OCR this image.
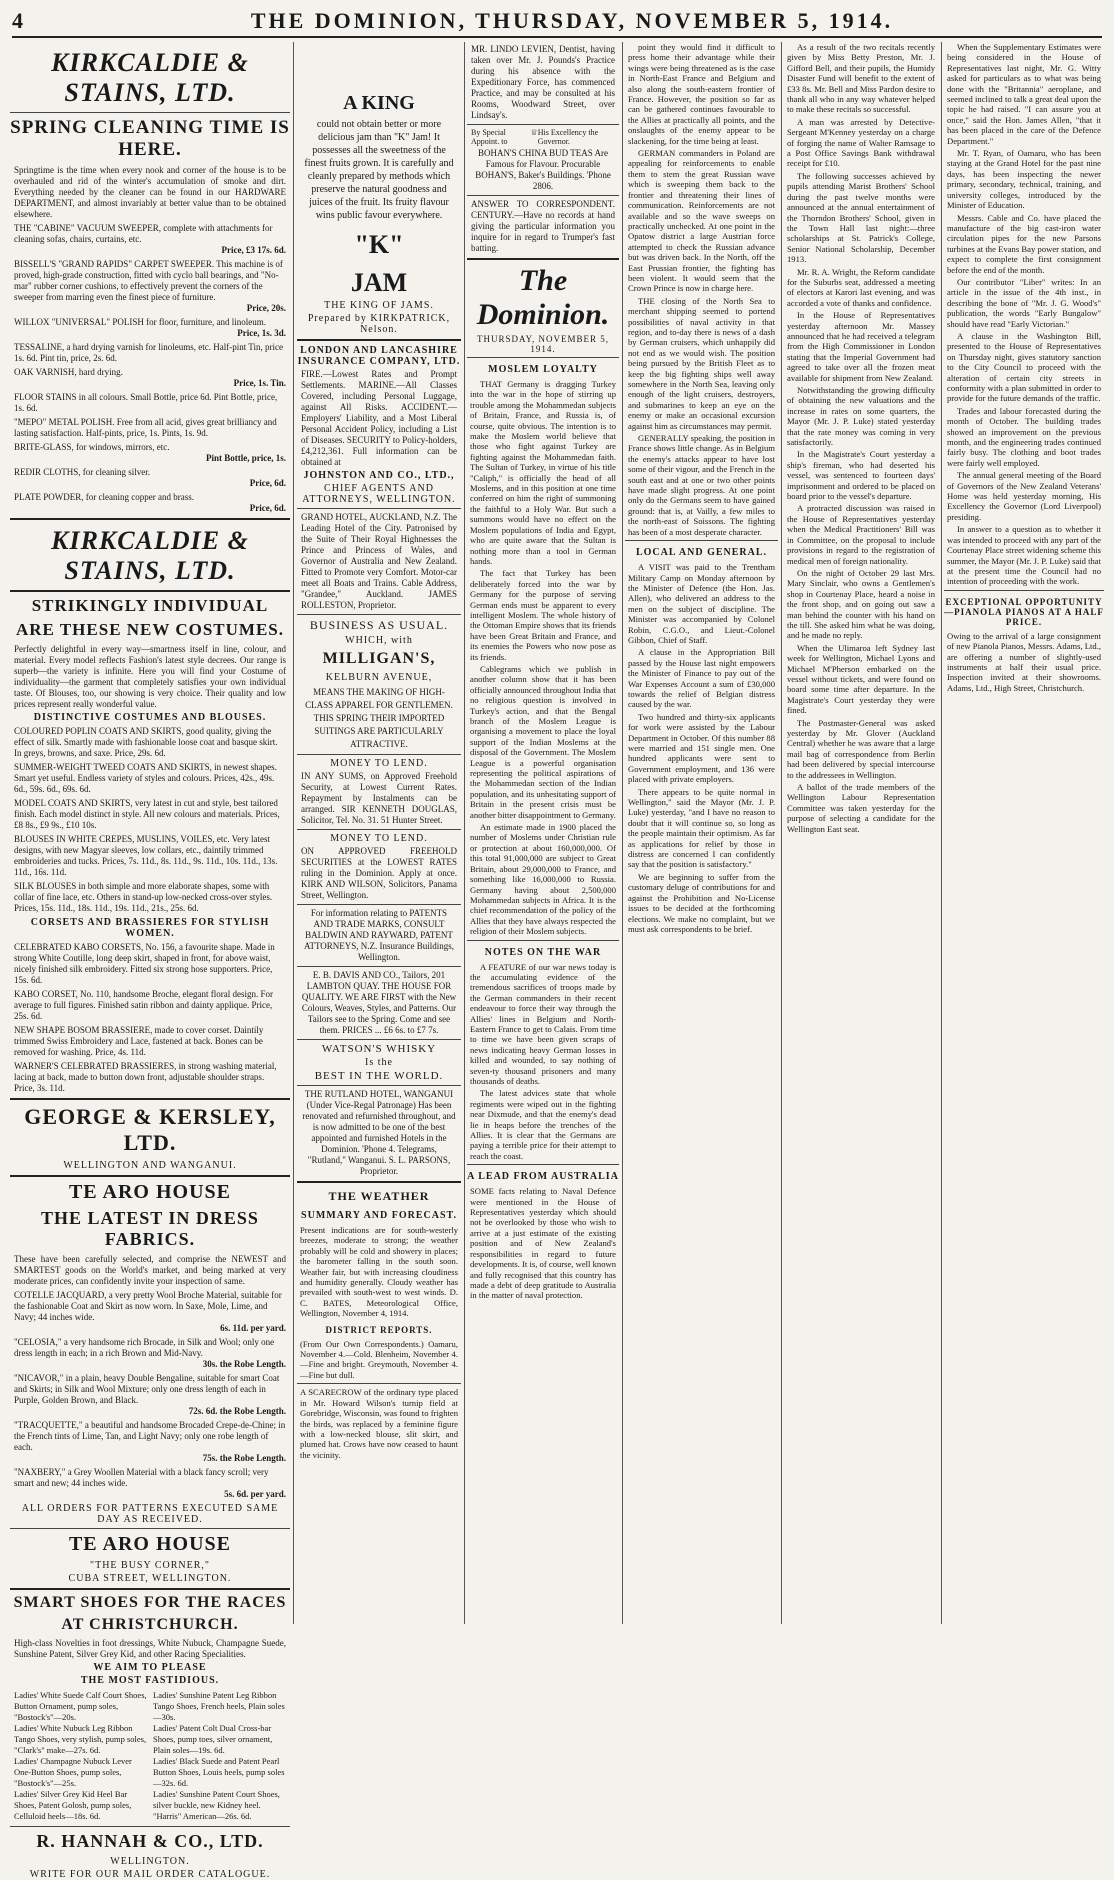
4	THE DOMINION, THURSDAY, NOVEMBER 5, 1914.
KIRKCALDIE & STAINS, LTD.
SPRING CLEANING TIME IS HERE.
Springtime is the time when every nook and corner of the house is to be overhauled and rid of the winter's accumulation of smoke and dirt. Everything needed by the cleaner can be found in our HARDWARE DEPARTMENT, and almost invariably at better value than to be obtained elsewhere.
THE "CABINE" VACUUM SWEEPER, complete with attachments for cleaning sofas, chairs, curtains, etc.
Price, £3 17s. 6d.
BISSELL'S "GRAND RAPIDS" CARPET SWEEPER. This machine is of proved, high-grade construction, fitted with cyclo ball bearings, and "No-mar" rubber corner cushions, to effectively prevent the corners of the sweeper from marring even the finest piece of furniture.
Price, 20s.
WILLOX "UNIVERSAL" POLISH for floor, furniture, and linoleum.
Price, 1s. 3d.
TESSALINE, a hard drying varnish for linoleums, etc. Half-pint Tin, price 1s. 6d. Pint tin, price, 2s. 6d.
OAK VARNISH, hard drying.
Price, 1s. Tin.
FLOOR STAINS in all colours. Small Bottle, price 6d. Pint Bottle, price, 1s. 6d.
"MEPO" METAL POLISH. Free from all acid, gives great brilliancy and lasting satisfaction. Half-pints, price, 1s. Pints, 1s. 9d.
BRITE-GLASS, for windows, mirrors, etc.
Pint Bottle, price, 1s.
REDIR CLOTHS, for cleaning silver.
Price, 6d.
PLATE POWDER, for cleaning copper and brass.
Price, 6d.
KIRKCALDIE & STAINS, LTD.
STRIKINGLY INDIVIDUAL
ARE THESE NEW COSTUMES.
Perfectly delightful in every way—smartness itself in line, colour, and material. Every model reflects Fashion's latest style decrees. Our range is superb—the variety is infinite. Here you will find your Costume of individuality—the garment that completely satisfies your own individual taste. Of Blouses, too, our showing is very choice. Their quality and low prices represent really wonderful value.
DISTINCTIVE COSTUMES AND BLOUSES.
COLOURED POPLIN COATS AND SKIRTS, good quality, giving the effect of silk. Smartly made with fashionable loose coat and basque skirt. In greys, browns, and saxe. Price, 29s. 6d.
SUMMER-WEIGHT TWEED COATS AND SKIRTS, in newest shapes. Smart yet useful. Endless variety of styles and colours. Prices, 42s., 49s. 6d., 59s. 6d., 69s. 6d.
MODEL COATS AND SKIRTS, very latest in cut and style, best tailored finish. Each model distinct in style. All new colours and materials. Prices, £8 8s., £9 9s., £10 10s.
BLOUSES IN WHITE CREPES, MUSLINS, VOILES, etc. Very latest designs, with new Magyar sleeves, low collars, etc., daintily trimmed embroideries and tucks. Prices, 7s. 11d., 8s. 11d., 9s. 11d., 10s. 11d., 13s. 11d., 16s. 11d.
SILK BLOUSES in both simple and more elaborate shapes, some with collar of fine lace, etc. Others in stand-up low-necked cross-over styles. Prices, 15s. 11d., 18s. 11d., 19s. 11d., 21s., 25s. 6d.
CORSETS AND BRASSIERES FOR STYLISH WOMEN.
CELEBRATED KABO CORSETS, No. 156, a favourite shape. Made in strong White Coutille, long deep skirt, shaped in front, for above waist, nicely finished silk embroidery. Fitted six strong hose supporters. Price, 15s. 6d.
KABO CORSET, No. 110, handsome Broche, elegant floral design. For average to full figures. Finished satin ribbon and dainty applique. Price, 25s. 6d.
NEW SHAPE BOSOM BRASSIERE, made to cover corset. Daintily trimmed Swiss Embroidery and Lace, fastened at back. Bones can be removed for washing. Price, 4s. 11d.
WARNER'S CELEBRATED BRASSIERES, in strong washing material, lacing at back, made to button down front, adjustable shoulder straps. Price, 3s. 11d.
GEORGE & KERSLEY, LTD.
WELLINGTON AND WANGANUI.
TE ARO HOUSE
THE LATEST IN DRESS FABRICS.
These have been carefully selected, and comprise the NEWEST and SMARTEST goods on the World's market, and being marked at very moderate prices, can confidently invite your inspection of same.
COTELLE JACQUARD, a very pretty Wool Broche Material, suitable for the fashionable Coat and Skirt as now worn. In Saxe, Mole, Lime, and Navy; 44 inches wide.
6s. 11d. per yard.
"CELOSIA," a very handsome rich Brocade, in Silk and Wool; only one dress length in each; in a rich Brown and Mid-Navy.
30s. the Robe Length.
"NICAVOR," in a plain, heavy Double Bengaline, suitable for smart Coat and Skirts; in Silk and Wool Mixture; only one dress length of each in Purple, Golden Brown, and Black.
72s. 6d. the Robe Length.
"TRACQUETTE," a beautiful and handsome Brocaded Crepe-de-Chine; in the French tints of Lime, Tan, and Light Navy; only one robe length of each.
75s. the Robe Length.
"NAXBERY," a Grey Woollen Material with a black fancy scroll; very smart and new; 44 inches wide.
5s. 6d. per yard.
ALL ORDERS FOR PATTERNS EXECUTED SAME DAY AS RECEIVED.
TE ARO HOUSE
"THE BUSY CORNER,"
CUBA STREET, WELLINGTON.
SMART SHOES FOR THE RACES
AT CHRISTCHURCH.
High-class Novelties in foot dressings, White Nubuck, Champagne Suede, Sunshine Patent, Silver Grey Kid, and other Racing Specialities.
WE AIM TO PLEASE
THE MOST FASTIDIOUS.
Ladies' White Suede Calf Court Shoes, Button Ornament, pump soles, "Bostock's"—20s.
Ladies' White Nubuck Leg Ribbon Tango Shoes, very stylish, pump soles, "Clark's" make—27s. 6d.
Ladies' Champagne Nubuck Lever One-Button Shoes, pump soles, "Bostock's"—25s.
Ladies' Silver Grey Kid Heel Bar Shoes, Patent Golosh, pump soles, Celluloid heels—18s. 6d.
Ladies' Sunshine Patent Leg Ribbon Tango Shoes, French heels, Plain soles—30s.
Ladies' Patent Colt Dual Cross-bar Shoes, pump toes, silver ornament, Plain soles—19s. 6d.
Ladies' Black Suede and Patent Pearl Button Shoes, Louis heels, pump soles—32s. 6d.
Ladies' Sunshine Patent Court Shoes, silver buckle, new Kidney heel. "Harris" American—26s. 6d.
R. HANNAH & CO., LTD.
WELLINGTON.
WRITE FOR OUR MAIL ORDER CATALOGUE.
A KING
could not obtain better or more delicious jam than "K" Jam! It possesses all the sweetness of the finest fruits grown. It is carefully and cleanly prepared by methods which preserve the natural goodness and juices of the fruit. Its fruity flavour wins public favour everywhere.
"K"
JAM
THE KING OF JAMS.
Prepared by KIRKPATRICK, Nelson.
LONDON AND LANCASHIRE INSURANCE COMPANY, LTD.
FIRE.—Lowest Rates and Prompt Settlements. MARINE.—All Classes Covered, including Personal Luggage, against All Risks. ACCIDENT.—Employers' Liability, and a Most Liberal Personal Accident Policy, including a List of Diseases. SECURITY to Policy-holders, £4,212,361. Full information can be obtained at
JOHNSTON AND CO., LTD.,
CHIEF AGENTS AND ATTORNEYS, WELLINGTON.
GRAND HOTEL, AUCKLAND, N.Z. The Leading Hotel of the City. Patronised by the Suite of Their Royal Highnesses the Prince and Princess of Wales, and Governor of Australia and New Zealand. Fitted to Promote very Comfort. Motor-car meet all Boats and Trains. Cable Address, "Grandee," Auckland. JAMES ROLLESTON, Proprietor.
BUSINESS AS USUAL.
WHICH, with
MILLIGAN'S,
KELBURN AVENUE,
MEANS THE MAKING OF HIGH-CLASS APPAREL FOR GENTLEMEN. THIS SPRING THEIR IMPORTED SUITINGS ARE PARTICULARLY ATTRACTIVE.
MONEY TO LEND.
IN ANY SUMS, on Approved Freehold Security, at Lowest Current Rates. Repayment by Instalments can be arranged. SIR KENNETH DOUGLAS, Solicitor, Tel. No. 31. 51 Hunter Street.
MONEY TO LEND.
ON APPROVED FREEHOLD SECURITIES at the LOWEST RATES ruling in the Dominion. Apply at once. KIRK AND WILSON, Solicitors, Panama Street, Wellington.
For information relating to PATENTS AND TRADE MARKS, CONSULT BALDWIN AND RAYWARD, PATENT ATTORNEYS, N.Z. Insurance Buildings, Wellington.
E. B. DAVIS AND CO., Tailors, 201 LAMBTON QUAY. THE HOUSE FOR QUALITY. WE ARE FIRST with the New Colours, Weaves, Styles, and Patterns. Our Tailors see to the Spring. Come and see them. PRICES ... £6 6s. to £7 7s.
WATSON'S WHISKY
Is the
BEST IN THE WORLD.
THE RUTLAND HOTEL, WANGANUI (Under Vice-Regal Patronage) Has been renovated and refurnished throughout, and is now admitted to be one of the best appointed and furnished Hotels in the Dominion. 'Phone 4. Telegrams, "Rutland," Wanganui. S. L. PARSONS, Proprietor.
THE WEATHER
SUMMARY AND FORECAST.
Present indications are for south-westerly breezes, moderate to strong; the weather probably will be cold and showery in places; the barometer falling in the south soon. Weather fair, but with increasing cloudiness and humidity generally. Cloudy weather has prevailed with south-west to west winds. D. C. BATES, Meteorological Office, Wellington, November 4, 1914.
DISTRICT REPORTS.
(From Our Own Correspondents.) Oamaru, November 4.—Cold. Blenheim, November 4.—Fine and bright. Greymouth, November 4.—Fine but dull.
A SCARECROW of the ordinary type placed in Mr. Howard Wilson's turnip field at Gorebridge, Wisconsin, was found to frighten the birds, was replaced by a feminine figure with a low-necked blouse, slit skirt, and plumed hat. Crows have now ceased to haunt the vicinity.
MR. LINDO LEVIEN, Dentist, having taken over Mr. J. Pounds's Practice during his absence with the Expeditionary Force, has commenced Practice, and may be consulted at his Rooms, Woodward Street, over Lindsay's.
By Special Appoint. to
♕ His Excellency the Governor.
BOHAN'S CHINA BUD TEAS Are Famous for Flavour. Procurable BOHAN'S, Baker's Buildings. 'Phone 2806.
ANSWER TO CORRESPONDENT. CENTURY.—Have no records at hand giving the particular information you inquire for in regard to Trumper's fast batting.
The Dominion.
THURSDAY, NOVEMBER 5, 1914.
MOSLEM LOYALTY

THAT Germany is dragging Turkey into the war in the hope of stirring up trouble among the Mohammedan subjects of Britain, France, and Russia is, of course, quite obvious. The intention is to make the Moslem world believe that those who fight against Turkey are fighting against the Mohammedan faith. The Sultan of Turkey, in virtue of his title "Caliph," is officially the head of all Moslems, and in this position at one time conferred on him the right of summoning the faithful to a Holy War. But such a summons would have no effect on the Moslem populations of India and Egypt, who are quite aware that the Sultan is nothing more than a tool in German hands.

The fact that Turkey has been deliberately forced into the war by Germany for the purpose of serving German ends must be apparent to every intelligent Moslem. The whole history of the Ottoman Empire shows that its friends have been Great Britain and France, and its enemies the Powers who now pose as its friends.

Cablegrams which we publish in another column show that it has been officially announced throughout India that no religious question is involved in Turkey's action, and that the Bengal branch of the Moslem League is organising a movement to place the loyal support of the Indian Moslems at the disposal of the Government. The Moslem League is a powerful organisation representing the political aspirations of the Mohammedan section of the Indian population, and its unhesitating support of Britain in the present crisis must be another bitter disappointment to Germany.

An estimate made in 1900 placed the number of Moslems under Christian rule or protection at about 160,000,000. Of this total 91,000,000 are subject to Great Britain, about 29,000,000 to France, and something like 16,000,000 to Russia. Germany having about 2,500,000 Mohammedan subjects in Africa. It is the chief recommendation of the policy of the Allies that they have always respected the religion of their Moslem subjects.

NOTES ON THE WAR

A FEATURE of our war news today is the accumulating evidence of the tremendous sacrifices of troops made by the German commanders in their recent endeavour to force their way through the Allies' lines in Belgium and North-Eastern France to get to Calais. From time to time we have been given scraps of news indicating heavy German losses in killed and wounded, to say nothing of seven-ty thousand prisoners and many thousands of deaths.

The latest advices state that whole regiments were wiped out in the fighting near Dixmude, and that the enemy's dead lie in heaps before the trenches of the Allies. It is clear that the Germans are paying a terrible price for their attempt to reach the coast.

A LEAD FROM AUSTRALIA
SOME facts relating to Naval Defence were mentioned in the House of Representatives yesterday which should not be overlooked by those who wish to arrive at a just estimate of the existing position and of New Zealand's responsibilities in regard to future developments. It is, of course, well known and fully recognised that this country has made a debt of deep gratitude to Australia in the matter of naval protection.

point they would find it difficult to press home their advantage while their wings were being threatened as is the case in North-East France and Belgium and also along the south-eastern frontier of France. However, the position so far as can be gathered continues favourable to the Allies at practically all points, and the onslaughts of the enemy appear to be slackening, for the time being at least.

GERMAN commanders in Poland are appealing for reinforcements to enable them to stem the great Russian wave which is sweeping them back to the frontier and threatening their lines of communication. Reinforcements are not available and so the wave sweeps on practically unchecked. At one point in the Opatow district a large Austrian force attempted to check the Russian advance but was driven back. In the North, off the East Prussian frontier, the fighting has been violent. It would seem that the Crown Prince is now in charge here.

THE closing of the North Sea to merchant shipping seemed to portend possibilities of naval activity in that region, and to-day there is news of a dash by German cruisers, which unhappily did not end as we would wish. The position being pursued by the British Fleet as to keep the big fighting ships well away somewhere in the North Sea, leaving only enough of the light cruisers, destroyers, and submarines to keep an eye on the enemy or make an occasional excursion against him as circumstances may permit.

GENERALLY speaking, the position in France shows little change. As in Belgium the enemy's attacks appear to have lost some of their vigour, and the French in the south east and at one or two other points have made slight progress. At one point only do the Germans seem to have gained ground: that is, at Vailly, a few miles to the north-east of Soissons. The fighting has been of a most desperate character.

LOCAL AND GENERAL.

A VISIT was paid to the Trentham Military Camp on Monday afternoon by the Minister of Defence (the Hon. Jas. Allen), who delivered an address to the men on the subject of discipline. The Minister was accompanied by Colonel Robin, C.G.O., and Lieut.-Colonel Gibbon, Chief of Staff.

A clause in the Appropriation Bill passed by the House last night empowers the Minister of Finance to pay out of the War Expenses Account a sum of £30,000 towards the relief of Belgian distress caused by the war.

Two hundred and thirty-six applicants for work were assisted by the Labour Department in October. Of this number 88 were married and 151 single men. One hundred applicants were sent to Government employment, and 136 were placed with private employers.

There appears to be quite normal in Wellington," said the Mayor (Mr. J. P. Luke) yesterday, "and I have no reason to doubt that it will continue so, so long as the people maintain their optimism. As far as applications for relief by those in distress are concerned I can confidently say that the position is satisfactory."

We are beginning to suffer from the customary deluge of contributions for and against the Prohibition and No-License issues to be decided at the forthcoming elections. We make no complaint, but we must ask correspondents to be brief.

As a result of the two recitals recently given by Miss Betty Preston, Mr. J. Gifford Bell, and their pupils, the Humidy Disaster Fund will benefit to the extent of £33 8s. Mr. Bell and Miss Pardon desire to thank all who in any way whatever helped to make these recitals so successful.

A man was arrested by Detective-Sergeant M'Kenney yesterday on a charge of forging the name of Walter Ramsage to a Post Office Savings Bank withdrawal receipt for £10.

The following successes achieved by pupils attending Marist Brothers' School during the past twelve months were announced at the annual entertainment of the Thorndon Brothers' School, given in the Town Hall last night:—three scholarships at St. Patrick's College, Senior National Scholarship, December 1913.

Mr. R. A. Wright, the Reform candidate for the Suburbs seat, addressed a meeting of electors at Karori last evening, and was accorded a vote of thanks and confidence.

In the House of Representatives yesterday afternoon Mr. Massey announced that he had received a telegram from the High Commissioner in London stating that the Imperial Government had agreed to take over all the frozen meat available for shipment from New Zealand.

Notwithstanding the growing difficulty of obtaining the new valuations and the increase in rates on some quarters, the Mayor (Mr. J. P. Luke) stated yesterday that the rate money was coming in very satisfactorily.

In the Magistrate's Court yesterday a ship's fireman, who had deserted his vessel, was sentenced to fourteen days' imprisonment and ordered to be placed on board prior to the vessel's departure.

A protracted discussion was raised in the House of Representatives yesterday when the Medical Practitioners' Bill was in Committee, on the proposal to include provisions in regard to the registration of medical men of foreign nationality.

On the night of October 29 last Mrs. Mary Sinclair, who owns a Gentlemen's shop in Courtenay Place, heard a noise in the front shop, and on going out saw a man behind the counter with his hand on the till. She asked him what he was doing, and he made no reply.

When the Ulimaroa left Sydney last week for Wellington, Michael Lyons and Michael M'Pherson embarked on the vessel without tickets, and were found on board some time after departure. In the Magistrate's Court yesterday they were fined.

The Postmaster-General was asked yesterday by Mr. Glover (Auckland Central) whether he was aware that a large mail bag of correspondence from Berlin had been delivered by special intercourse to the addressees in Wellington.

A ballot of the trade members of the Wellington Labour Representation Committee was taken yesterday for the purpose of selecting a candidate for the Wellington East seat.

When the Supplementary Estimates were being considered in the House of Representatives last night, Mr. G. Witty asked for particulars as to what was being done with the "Britannia" aeroplane, and seemed inclined to talk a great deal upon the topic he had raised. "I can assure you at once," said the Hon. James Allen, "that it has been placed in the care of the Defence Department."

Mr. T. Ryan, of Oamaru, who has been staying at the Grand Hotel for the past nine days, has been inspecting the newer primary, secondary, technical, training, and university colleges, introduced by the Minister of Education.

Messrs. Cable and Co. have placed the manufacture of the big cast-iron water circulation pipes for the new Parsons turbines at the Evans Bay power station, and expect to complete the first consignment before the end of the month.

Our contributor "Liber" writes: In an article in the issue of the 4th inst., in describing the bone of "Mr. J. G. Wood's" publication, the words "Early Bungalow" should have read "Early Victorian."

A clause in the Washington Bill, presented to the House of Representatives on Thursday night, gives statutory sanction to the City Council to proceed with the alteration of certain city streets in conformity with a plan submitted in order to provide for the future demands of the traffic.

Trades and labour forecasted during the month of October. The building trades showed an improvement on the previous month, and the engineering trades continued fairly busy. The clothing and boot trades were fairly well employed.

The annual general meeting of the Board of Governors of the New Zealand Veterans' Home was held yesterday morning, His Excellency the Governor (Lord Liverpool) presiding.

In answer to a question as to whether it was intended to proceed with any part of the Courtenay Place street widening scheme this summer, the Mayor (Mr. J. P. Luke) said that at the present time the Council had no intention of proceeding with the work.

EXCEPTIONAL OPPORTUNITY—PIANOLA PIANOS AT A HALF PRICE.
Owing to the arrival of a large consignment of new Pianola Pianos, Messrs. Adams, Ltd., are offering a number of slightly-used instruments at half their usual price. Inspection invited at their showrooms. Adams, Ltd., High Street, Christchurch.
